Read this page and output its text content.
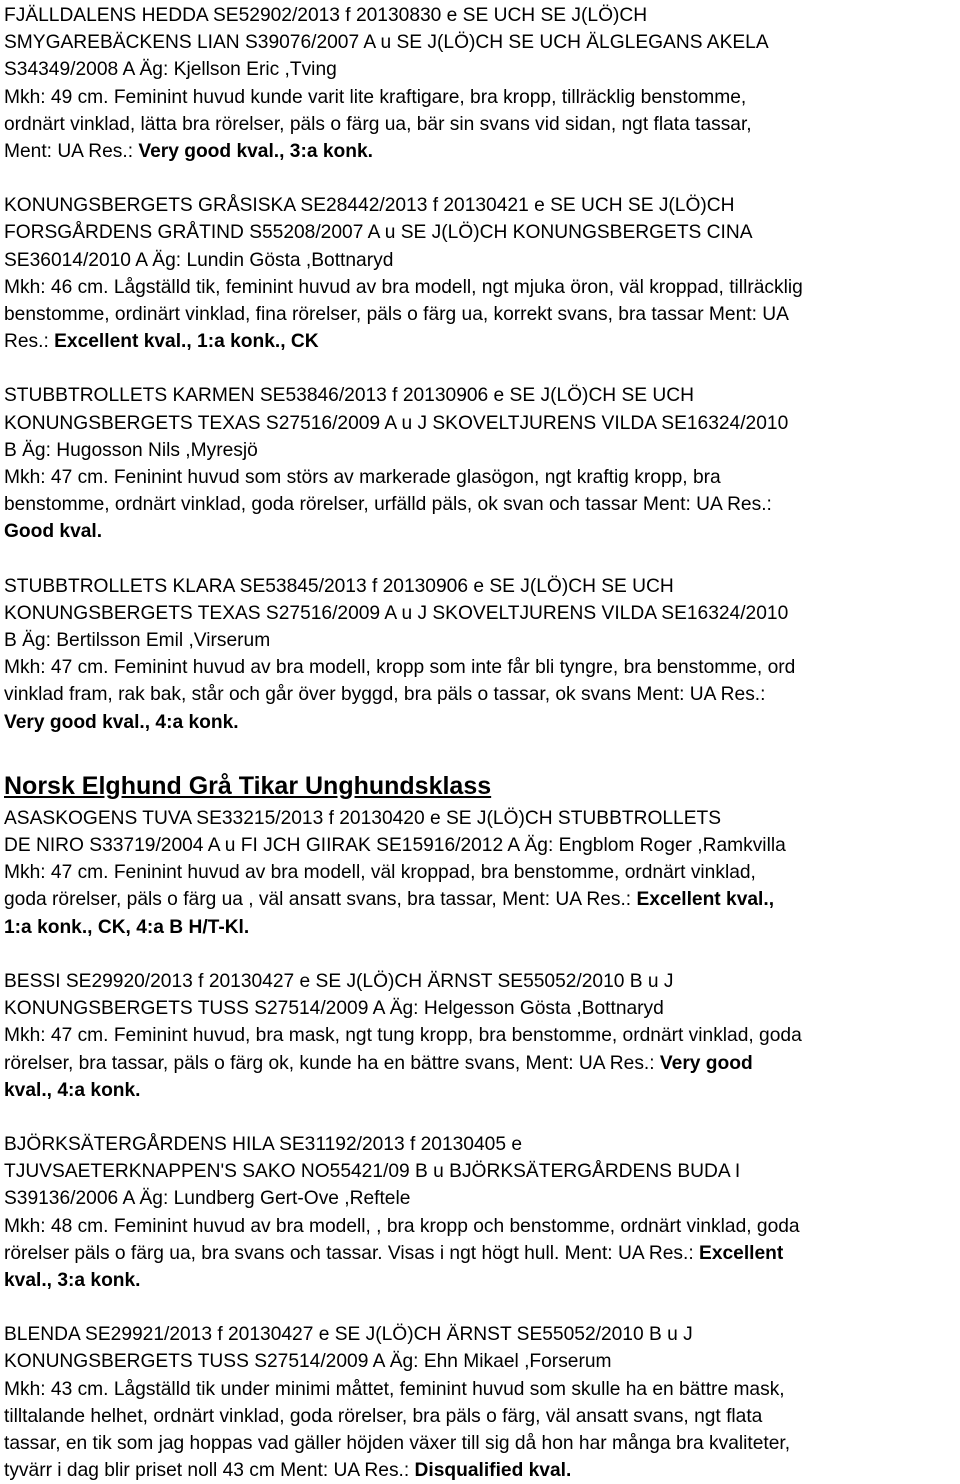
FJÄLLDALENS HEDDA SE52902/2013 f 20130830 e SE UCH SE J(LÖ)CH
SMYGAREBÄCKENS LIAN S39076/2007 A u SE J(LÖ)CH SE UCH ÄLGLEGANS AKELA
S34349/2008 A Äg: Kjellson Eric ,Tving
Mkh: 49 cm. Feminint huvud kunde varit lite kraftigare, bra kropp, tillräcklig benstomme,
ordnärt vinklad, lätta bra rörelser, päls o färg ua, bär sin svans vid sidan, ngt flata tassar,
Ment: UA Res.: Very good kval., 3:a konk.

KONUNGSBERGETS GRÅSISKA SE28442/2013 f 20130421 e SE UCH SE J(LÖ)CH
FORSGÅRDENS GRÅTIND S55208/2007 A u SE J(LÖ)CH KONUNGSBERGETS CINA
SE36014/2010 A Äg: Lundin Gösta ,Bottnaryd
Mkh: 46 cm. Lågställd tik, feminint huvud av bra modell, ngt mjuka öron, väl kroppad, tillräcklig
benstomme, ordinärt vinklad, fina rörelser, päls o färg ua, korrekt svans, bra tassar Ment: UA
Res.: Excellent kval., 1:a konk., CK

STUBBTROLLETS KARMEN SE53846/2013 f 20130906 e SE J(LÖ)CH SE UCH
KONUNGSBERGETS TEXAS S27516/2009 A u J SKOVELTJURENS VILDA SE16324/2010
B Äg: Hugosson Nils ,Myresjö
Mkh: 47 cm. Feninint huvud som störs av markerade glasögon, ngt kraftig kropp, bra
benstomme, ordnärt vinklad, goda rörelser, urfälld päls, ok svan och tassar Ment: UA Res.:
Good kval.

STUBBTROLLETS KLARA SE53845/2013 f 20130906 e SE J(LÖ)CH SE UCH
KONUNGSBERGETS TEXAS S27516/2009 A u J SKOVELTJURENS VILDA SE16324/2010
B Äg: Bertilsson Emil ,Virserum
Mkh: 47 cm. Feminint huvud av bra modell, kropp som inte får bli tyngre, bra benstomme, ord
vinklad fram, rak bak, står och går över byggd, bra päls o tassar, ok svans Ment: UA Res.:
Very good kval., 4:a konk.

Norsk Elghund Grå Tikar Unghundsklass

ASASKOGENS TUVA SE33215/2013 f 20130420 e SE J(LÖ)CH STUBBTROLLETS
DE NIRO S33719/2004 A u FI JCH GIIRAK SE15916/2012 A Äg: Engblom Roger ,Ramkvilla
Mkh: 47 cm. Feninint huvud av bra modell, väl kroppad, bra benstomme, ordnärt vinklad,
goda rörelser, päls o färg ua , väl ansatt svans, bra tassar, Ment: UA Res.: Excellent kval.,
1:a konk., CK, 4:a B H/T-Kl.

BESSI SE29920/2013 f 20130427 e SE J(LÖ)CH ÄRNST SE55052/2010 B u J
KONUNGSBERGETS TUSS S27514/2009 A Äg: Helgesson Gösta ,Bottnaryd
Mkh: 47 cm. Feminint huvud, bra mask, ngt tung kropp, bra benstomme, ordnärt vinklad, goda
rörelser, bra tassar, päls o färg ok, kunde ha en bättre svans, Ment: UA Res.: Very good
kval., 4:a konk.

BJÖRKSÄTERGÅRDENS HILA SE31192/2013 f 20130405 e
TJUVSAETERKNAPPEN'S SAKO NO55421/09 B u BJÖRKSÄTERGÅRDENS BUDA I
S39136/2006 A Äg: Lundberg Gert-Ove ,Reftele
Mkh: 48 cm. Feminint huvud av bra modell, , bra kropp och benstomme, ordnärt vinklad, goda
rörelser päls o färg ua, bra svans och tassar. Visas i ngt högt hull. Ment: UA Res.: Excellent
kval., 3:a konk.

BLENDA SE29921/2013 f 20130427 e SE J(LÖ)CH ÄRNST SE55052/2010 B u J
KONUNGSBERGETS TUSS S27514/2009 A Äg: Ehn Mikael ,Forserum
Mkh: 43 cm. Lågställd tik under minimi måttet, feminint huvud som skulle ha en bättre mask,
tilltalande helhet, ordnärt vinklad, goda rörelser, bra päls o färg, väl ansatt svans, ngt flata
tassar, en tik som jag hoppas vad gäller höjden växer till sig då hon har många bra kvaliteter,
tyvärr i dag blir priset noll 43 cm Ment: UA Res.: Disqualified kval.
